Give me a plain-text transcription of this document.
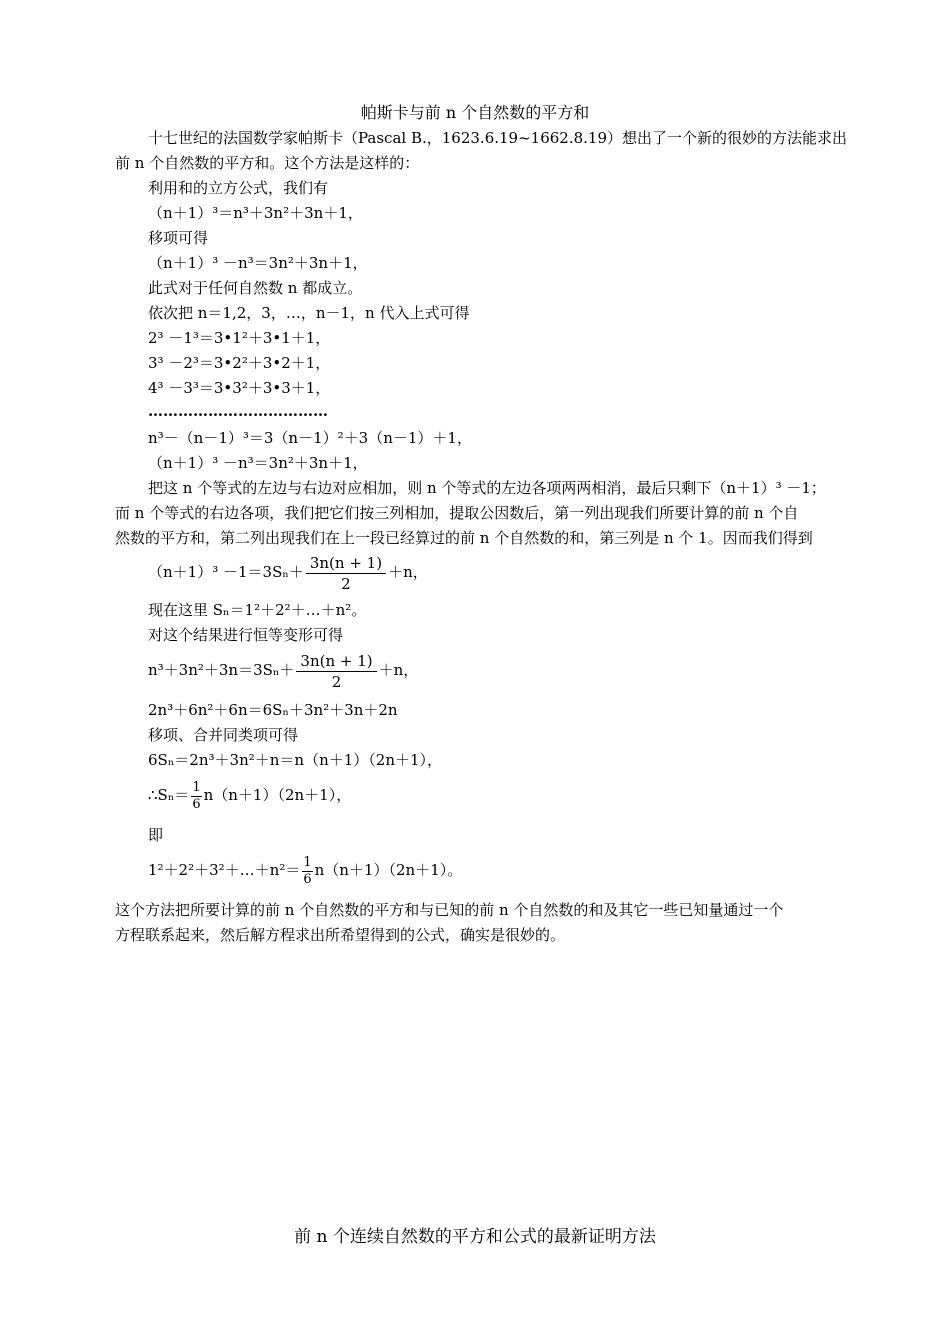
帕斯卡与前 n 个自然数的平方和
十七世纪的法国数学家帕斯卡（Pascal B.，1623.6.19~1662.8.19）想出了一个新的很妙的方法能求出
前 n 个自然数的平方和。这个方法是这样的：
利用和的立方公式，我们有
（n＋1）³＝n³＋3n²＋3n＋1，
移项可得
（n＋1）³ －n³＝3n²＋3n＋1，
此式对于任何自然数 n 都成立。
依次把 n＝1,2，3，…，n－1，n 代入上式可得
2³ －1³＝3•1²＋3•1＋1，
3³ －2³＝3•2²＋3•2＋1，
4³ －3³＝3•3²＋3•3＋1，
………………………………
n³－（n－1）³＝3（n－1）²＋3（n－1）＋1，
（n＋1）³ －n³＝3n²＋3n＋1，
把这 n 个等式的左边与右边对应相加，则 n 个等式的左边各项两两相消，最后只剩下（n＋1）³ －1；
而 n 个等式的右边各项，我们把它们按三列相加，提取公因数后，第一列出现我们所要计算的前 n 个自
然数的平方和，第二列出现我们在上一段已经算过的前 n 个自然数的和，第三列是 n 个 1。因而我们得到
$(n+1)^3 -1=3S_n+ \frac{3n(n + 1)}{2} +n$，
现在这里 Sₙ＝1²＋2²＋…＋n²。
对这个结果进行恒等变形可得
$n^3+3n^2+3n=3S_n+ \frac{3n(n + 1)}{2} +n$，
2n³＋6n²＋6n＝6Sₙ＋3n²＋3n＋2n
移项、合并同类项可得
6Sₙ＝2n³＋3n²＋n＝n（n＋1）（2n＋1），
∴Sₙ＝ $\frac{1}{6} n(n+1)(2n+1)$，
即
1²＋2²＋3²＋…＋n²＝ $\frac{1}{6} n(n+1)(2n+1)$。
这个方法把所要计算的前 n 个自然数的平方和与已知的前 n 个自然数的和及其它一些已知量通过一个
方程联系起来，然后解方程求出所希望得到的公式，确实是很妙的。
前 n 个连续自然数的平方和公式的最新证明方法
